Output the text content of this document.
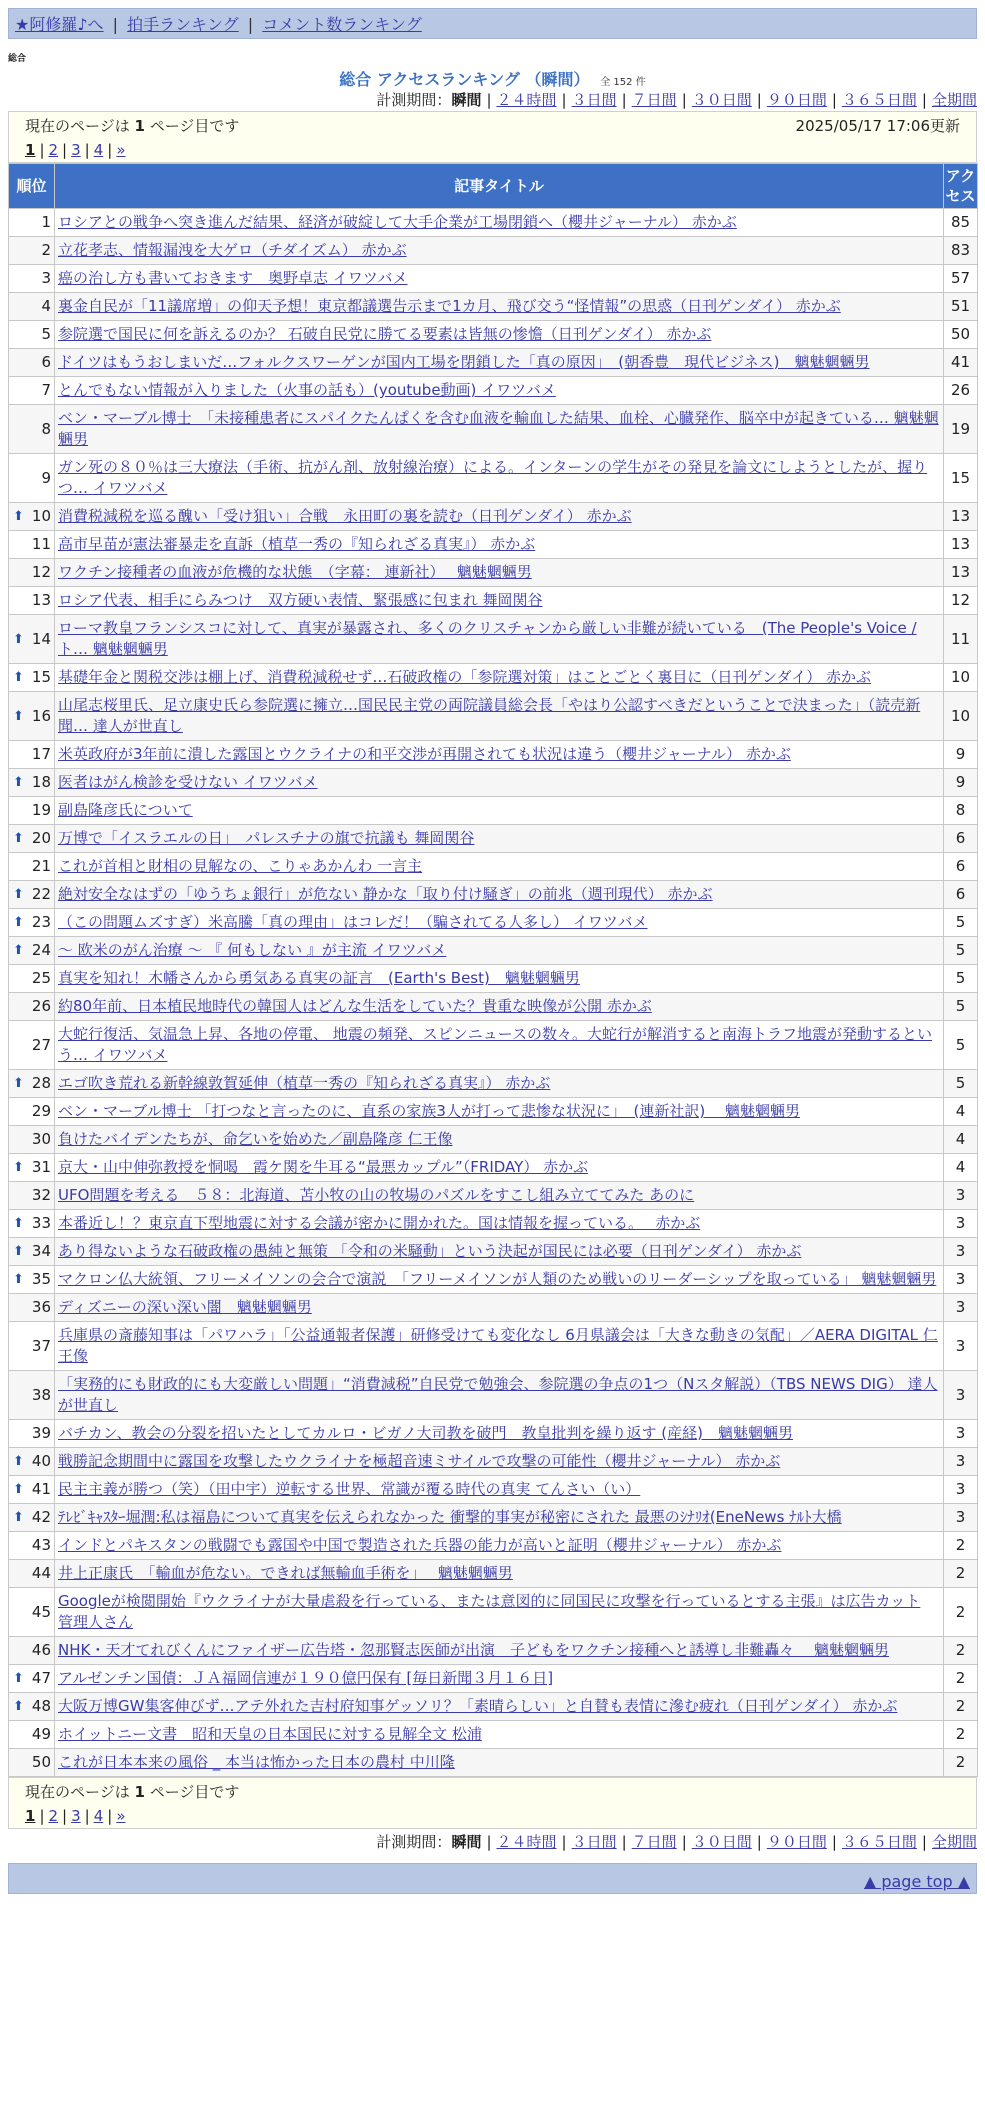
★阿修羅♪へ | 拍手ランキング | コメント数ランキング
総合
総合 アクセスランキング （瞬間） 全 152 件
計測期間：瞬間 | ２４時間 | ３日間 | ７日間 | ３０日間 | ９０日間 | ３６５日間 | 全期間
現在のページは 1 ページ目です	2025/05/17 17:06更新
1 | 2 | 3 | 4 | »
順位	記事タイトル	アクセス
1	ロシアとの戦争へ突き進んだ結果、経済が破綻して大手企業が工場閉鎖へ（櫻井ジャーナル） 赤かぶ	85
2	立花孝志、情報漏洩を大ゲロ（チダイズム） 赤かぶ	83
3	癌の治し方も書いておきます　奥野卓志 イワツバメ	57
4	裏金自民が「11議席増」の仰天予想！東京都議選告示まで1カ月、飛び交う“怪情報”の思惑（日刊ゲンダイ） 赤かぶ	51
5	参院選で国民に何を訴えるのか？ 石破自民党に勝てる要素は皆無の惨憺（日刊ゲンダイ） 赤かぶ	50
6	ドイツはもうおしまいだ…フォルクスワーゲンが国内工場を閉鎖した「真の原因」　(朝香豊　現代ビジネス)　魑魅魍魎男	41
7	とんでもない情報が入りました（火事の話も）(youtube動画) イワツバメ	26
8	ベン・マーブル博士　「未接種患者にスパイクたんぱくを含む血液を輸血した結果、血栓、心臓発作、脳卒中が起きている… 魑魅魍魎男	19
9	ガン死の８０％は三大療法（手術、抗がん剤、放射線治療）による。インターンの学生がその発見を論文にしようとしたが、握りつ… イワツバメ	15

⬆ 10	消費税減税を巡る醜い「受け狙い」合戦　永田町の裏を読む（日刊ゲンダイ） 赤かぶ	13
11	高市早苗が憲法審暴走を直訴（植草一秀の『知られざる真実』） 赤かぶ	13
12	ワクチン接種者の血液が危機的な状態　（字幕： 連新社）　 魑魅魍魎男	13
13	ロシア代表、相手にらみつけ　双方硬い表情、緊張感に包まれ 舞岡関谷	12

⬆ 14	ローマ教皇フランシスコに対して、真実が暴露され、多くのクリスチャンから厳しい非難が続いている　(The People's Voice / ト… 魑魅魍魎男	11

⬆ 15	基礎年金と関税交渉は棚上げ、消費税減税せず…石破政権の「参院選対策」はことごとく裏目に（日刊ゲンダイ） 赤かぶ	10

⬆ 16	山尾志桜里氏、足立康史氏ら参院選に擁立…国民民主党の両院議員総会長「やはり公認すべきだということで決まった」（読売新聞… 達人が世直し	10
17	米英政府が3年前に潰した露国とウクライナの和平交渉が再開されても状況は違う（櫻井ジャーナル） 赤かぶ	9

⬆ 18	医者はがん検診を受けない イワツバメ	9
19	副島隆彦氏について	8

⬆ 20	万博で「イスラエルの日」　パレスチナの旗で抗議も 舞岡関谷	6
21	これが首相と財相の見解なの、こりゃあかんわ 一言主	6

⬆ 22	絶対安全なはずの「ゆうちょ銀行」が危ない 静かな「取り付け騒ぎ」の前兆（週刊現代） 赤かぶ	6

⬆ 23	（この問題ムズすぎ）米高騰「真の理由」はコレだ！（騙されてる人多し） イワツバメ	5

⬆ 24	～ 欧米のがん治療 ～ 『 何もしない 』が主流 イワツバメ	5
25	真実を知れ！木幡さんから勇気ある真実の証言　(Earth's Best)　魑魅魍魎男	5
26	約80年前、日本植民地時代の韓国人はどんな生活をしていた？貴重な映像が公開 赤かぶ	5
27	大蛇行復活、気温急上昇、各地の停電、 地震の頻発、スピンニュースの数々。大蛇行が解消すると南海トラフ地震が発動するという… イワツバメ	5

⬆ 28	エゴ吹き荒れる新幹線敦賀延伸（植草一秀の『知られざる真実』） 赤かぶ	5
29	ベン・マーブル博士 「打つなと言ったのに、直系の家族3人が打って悲惨な状況に」　(連新社訳)　 魑魅魍魎男	4
30	負けたバイデンたちが、命乞いを始めた／副島隆彦 仁王像	4

⬆ 31	京大・山中伸弥教授を恫喝　霞ケ関を牛耳る“最悪カップル”（FRIDAY） 赤かぶ	4
32	UFO問題を考える　５８：北海道、苫小牧の山の牧場のパズルをすこし組み立ててみた あのに	3

⬆ 33	本番近し！？東京直下型地震に対する会議が密かに開かれた。国は情報を握っている。　 赤かぶ	3

⬆ 34	あり得ないような石破政権の愚純と無策 「令和の米騒動」という決起が国民には必要（日刊ゲンダイ） 赤かぶ	3

⬆ 35	マクロン仏大統領、フリーメイソンの会合で演説　「フリーメイソンが人類のため戦いのリーダーシップを取っている」 魑魅魍魎男	3
36	ディズニーの深い深い闇　魑魅魍魎男	3
37	兵庫県の斎藤知事は「パワハラ」「公益通報者保護」研修受けても変化なし 6月県議会は「大きな動きの気配」／AERA DIGITAL 仁王像	3
38	「実務的にも財政的にも大変厳しい問題」“消費減税”自民党で勉強会、参院選の争点の1つ（Nスタ解説）（TBS NEWS DIG） 達人が世直し	3
39	バチカン、教会の分裂を招いたとしてカルロ・ビガノ大司教を破門　教皇批判を繰り返す (産経)　魑魅魍魎男	3

⬆ 40	戦勝記念期間中に露国を攻撃したウクライナを極超音速ミサイルで攻撃の可能性（櫻井ジャーナル） 赤かぶ	3

⬆ 41	民主主義が勝つ（笑）（田中宇）逆転する世界、常識が覆る時代の真実 てんさい（い）	3

⬆ 42	ﾃﾚﾋﾞｷｬｽﾀｰ堀潤:私は福島について真実を伝えられなかった 衝撃的事実が秘密にされた 最悪のｼﾅﾘｵ(EneNews ﾅﾙﾄ大橋	3
43	インドとパキスタンの戦闘でも露国や中国で製造された兵器の能力が高いと証明（櫻井ジャーナル） 赤かぶ	2
44	井上正康氏　「輸血が危ない。できれば無輸血手術を」　 魑魅魍魎男	2
45	Googleが検閲開始『ウクライナが大量虐殺を行っている、または意図的に同国民に攻撃を行っているとする主張』は広告カット 管理人さん	2
46	NHK・天才てれびくんにファイザー広告塔・忽那賢志医師が出演　子どもをワクチン接種へと誘導し非難轟々　 魑魅魍魎男	2

⬆ 47	アルゼンチン国債：ＪＡ福岡信連が１９０億円保有 [毎日新聞３月１６日]	2

⬆ 48	大阪万博GW集客伸びず…アテ外れた吉村府知事ゲッソリ？「素晴らしい」と自賛も表情に滲む疲れ（日刊ゲンダイ） 赤かぶ	2
49	ホイットニー文書　昭和天皇の日本国民に対する見解全文 松浦	2
50	これが日本本来の風俗 _ 本当は怖かった日本の農村 中川隆	2
現在のページは 1 ページ目です
1 | 2 | 3 | 4 | »
計測期間：瞬間 | ２４時間 | ３日間 | ７日間 | ３０日間 | ９０日間 | ３６５日間 | 全期間
▲ page top ▲
